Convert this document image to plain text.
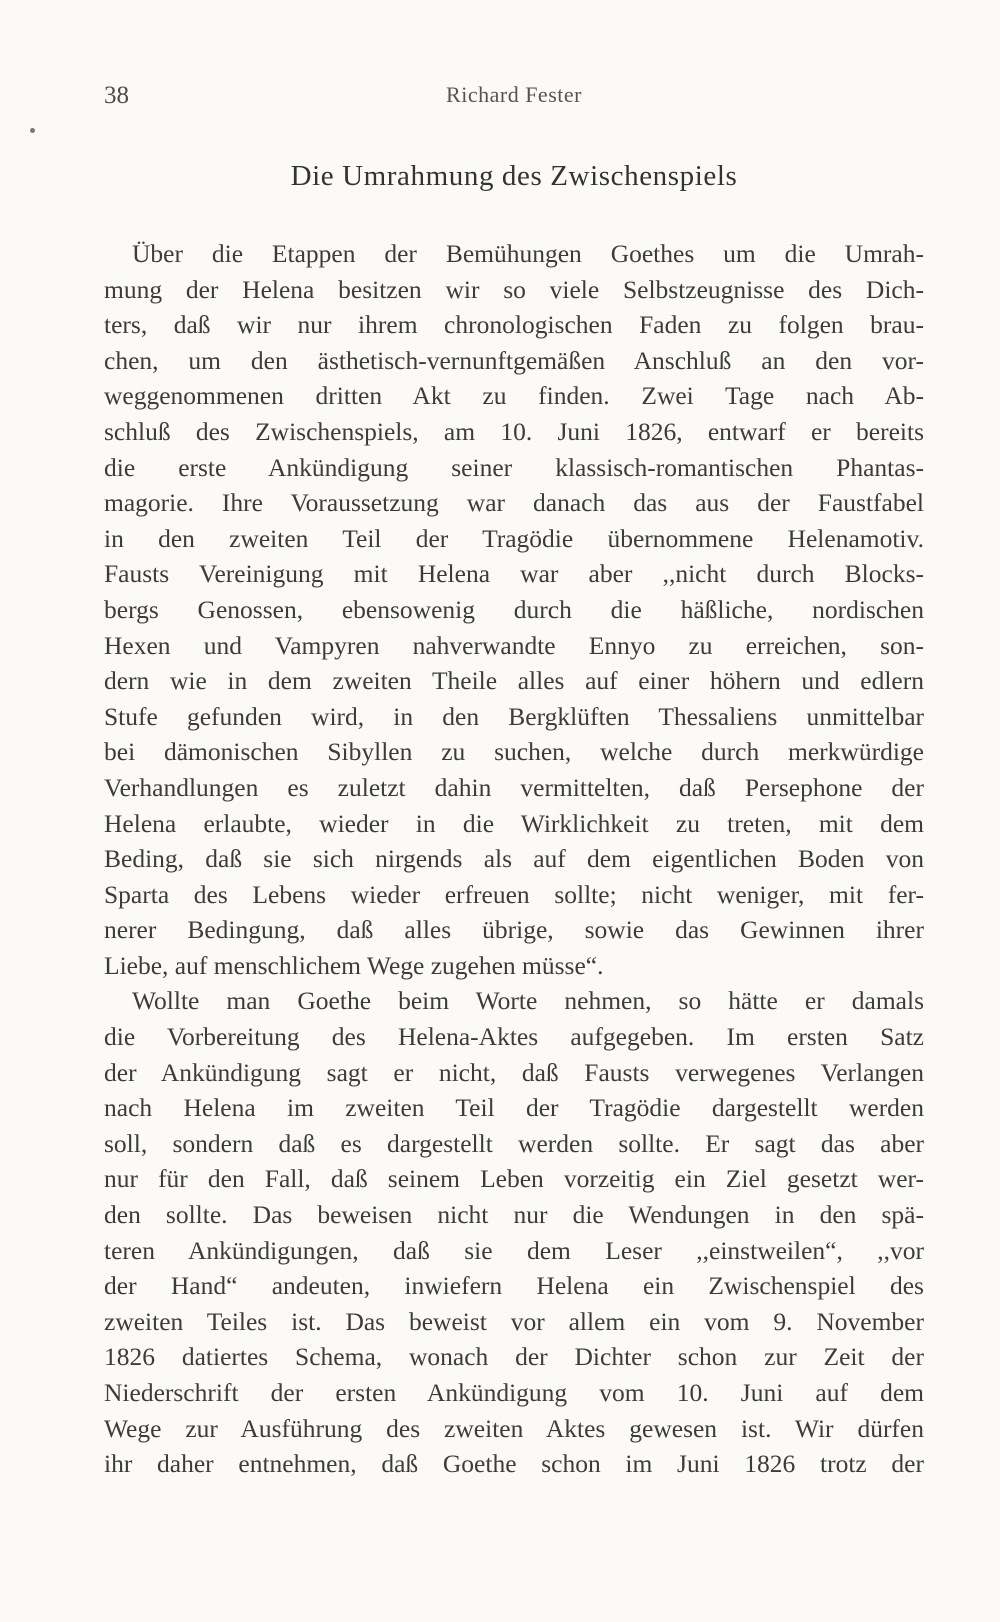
38	Richard Fester
Die Umrahmung des Zwischenspiels
Über die Etappen der Bemühungen Goethes um die Umrah-
mung der Helena besitzen wir so viele Selbstzeugnisse des Dich-
ters, daß wir nur ihrem chronologischen Faden zu folgen brau-
chen, um den ästhetisch-vernunftgemäßen Anschluß an den vor-
weggenommenen dritten Akt zu finden. Zwei Tage nach Ab-
schluß des Zwischenspiels, am 10. Juni 1826, entwarf er bereits
die erste Ankündigung seiner klassisch-romantischen Phantas-
magorie. Ihre Voraussetzung war danach das aus der Faustfabel
in den zweiten Teil der Tragödie übernommene Helenamotiv.
Fausts Vereinigung mit Helena war aber ,,nicht durch Blocks-
bergs Genossen, ebensowenig durch die häßliche, nordischen
Hexen und Vampyren nahverwandte Ennyo zu erreichen, son-
dern wie in dem zweiten Theile alles auf einer höhern und edlern
Stufe gefunden wird, in den Bergklüften Thessaliens unmittelbar
bei dämonischen Sibyllen zu suchen, welche durch merkwürdige
Verhandlungen es zuletzt dahin vermittelten, daß Persephone der
Helena erlaubte, wieder in die Wirklichkeit zu treten, mit dem
Beding, daß sie sich nirgends als auf dem eigentlichen Boden von
Sparta des Lebens wieder erfreuen sollte; nicht weniger, mit fer-
nerer Bedingung, daß alles übrige, sowie das Gewinnen ihrer
Liebe, auf menschlichem Wege zugehen müsse“.
Wollte man Goethe beim Worte nehmen, so hätte er damals
die Vorbereitung des Helena-Aktes aufgegeben. Im ersten Satz
der Ankündigung sagt er nicht, daß Fausts verwegenes Verlangen
nach Helena im zweiten Teil der Tragödie dargestellt werden
soll, sondern daß es dargestellt werden sollte. Er sagt das aber
nur für den Fall, daß seinem Leben vorzeitig ein Ziel gesetzt wer-
den sollte. Das beweisen nicht nur die Wendungen in den spä-
teren Ankündigungen, daß sie dem Leser ,,einstweilen“, ,,vor
der Hand“ andeuten, inwiefern Helena ein Zwischenspiel des
zweiten Teiles ist. Das beweist vor allem ein vom 9. November
1826 datiertes Schema, wonach der Dichter schon zur Zeit der
Niederschrift der ersten Ankündigung vom 10. Juni auf dem
Wege zur Ausführung des zweiten Aktes gewesen ist. Wir dürfen
ihr daher entnehmen, daß Goethe schon im Juni 1826 trotz der
